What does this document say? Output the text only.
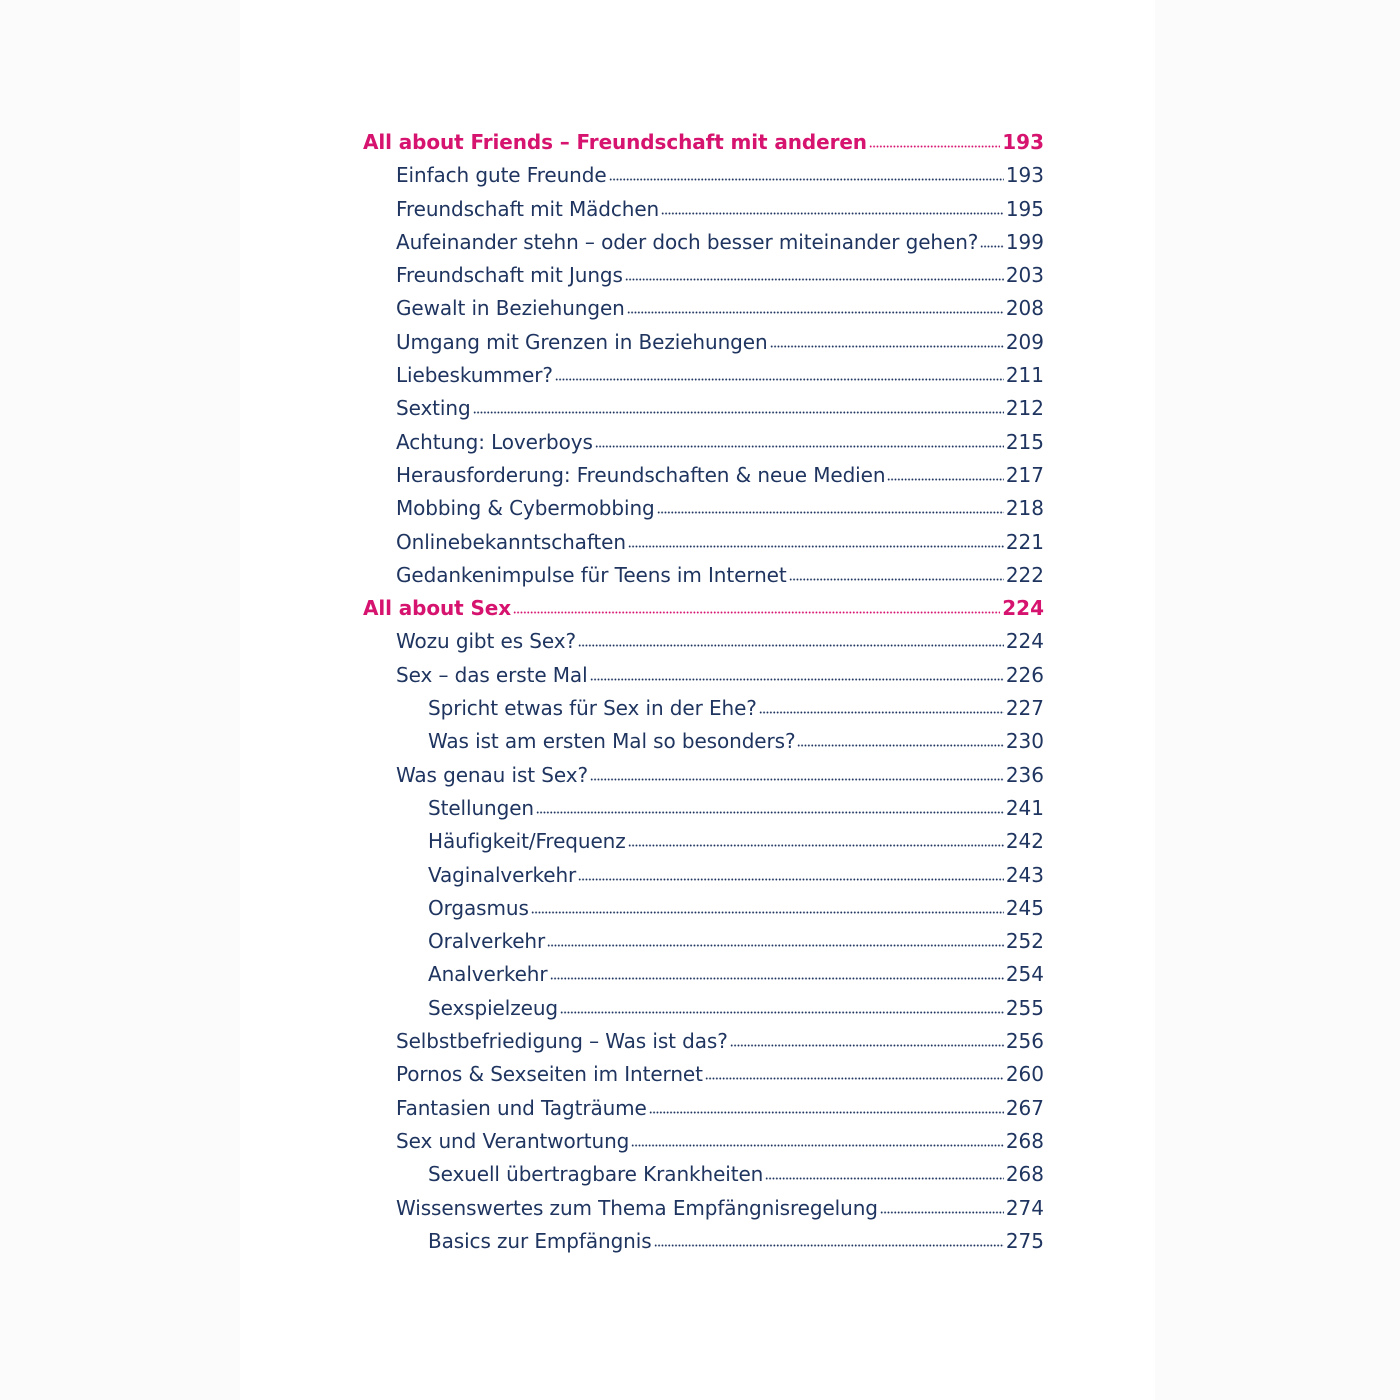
All about Friends – Freundschaft mit anderen	193
Einfach gute Freunde	193
Freundschaft mit Mädchen	195
Aufeinander stehn – oder doch besser miteinander gehen? 199
Freundschaft mit Jungs	203
Gewalt in Beziehungen	208
Umgang mit Grenzen in Beziehungen	209
Liebeskummer?	211
Sexting	212
Achtung: Loverboys	215
Herausforderung: Freundschaften & neue Medien	217
Mobbing & Cybermobbing	218
Onlinebekanntschaften	221
Gedankenimpulse für Teens im Internet	222
All about Sex	224
Wozu gibt es Sex?	224
Sex – das erste Mal	226
Spricht etwas für Sex in der Ehe?	227
Was ist am ersten Mal so besonders?	230
Was genau ist Sex?	236
Stellungen	241
Häufigkeit/Frequenz	242
Vaginalverkehr	243
Orgasmus	245
Oralverkehr	252
Analverkehr	254
Sexspielzeug	255
Selbstbefriedigung – Was ist das?	256
Pornos & Sexseiten im Internet	260
Fantasien und Tagträume	267
Sex und Verantwortung	268
Sexuell übertragbare Krankheiten	268
Wissenswertes zum Thema Empfängnisregelung	274
Basics zur Empfängnis	275
